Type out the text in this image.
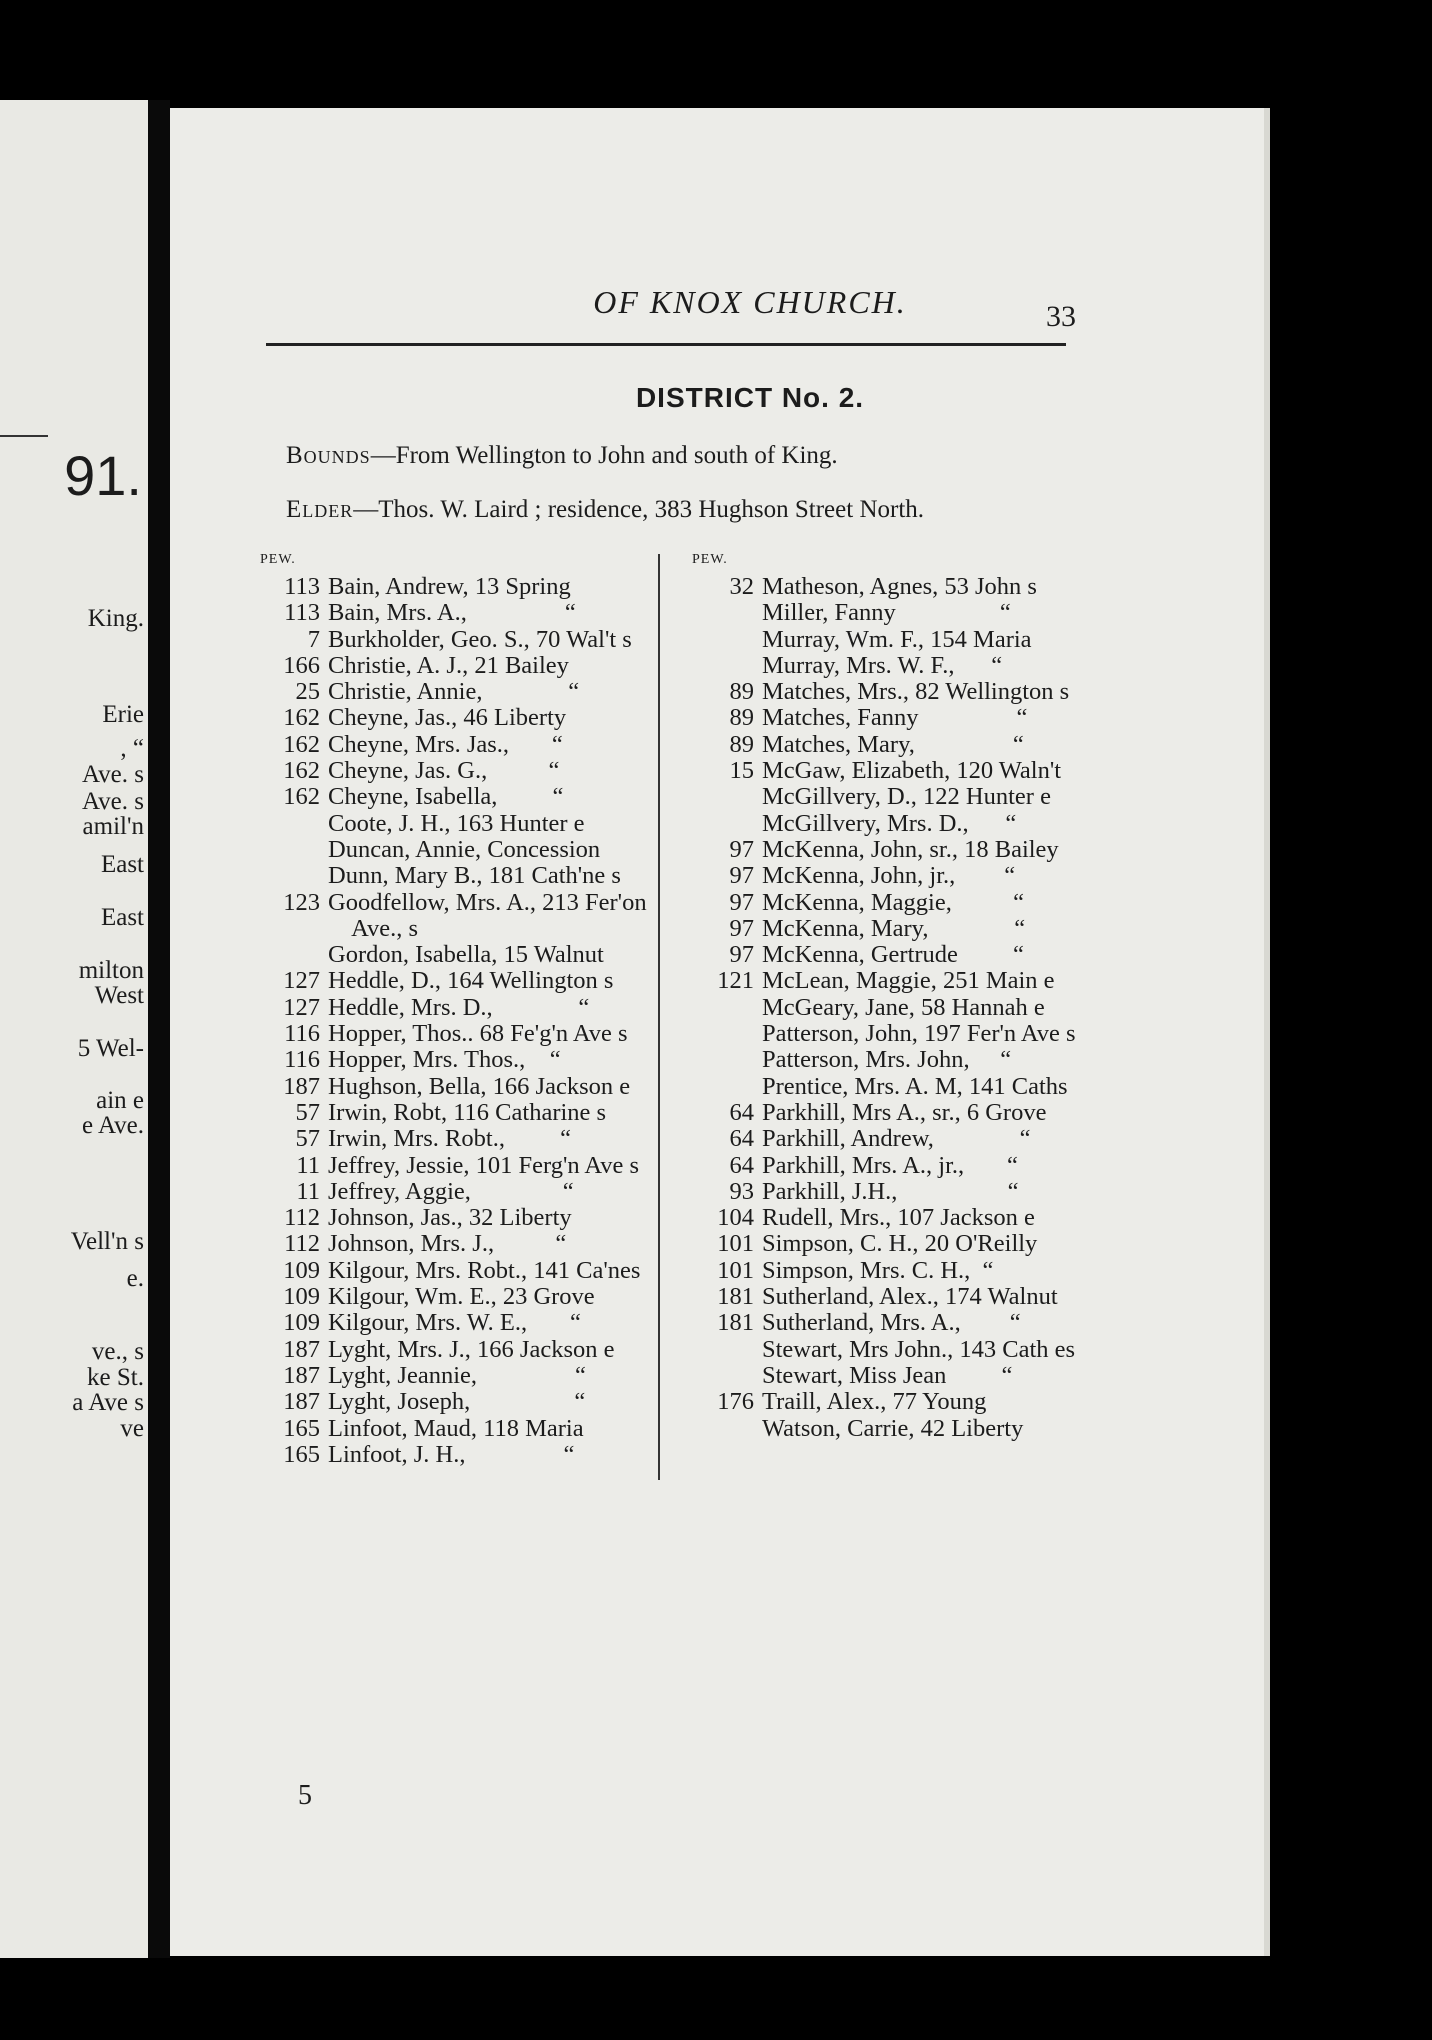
91.
King.
Erie
, “
Ave. s
Ave. s
amil'n
East
East
milton
West
5 Wel-
ain e
e Ave.
Vell'n s
e.
ve., s
ke St.
a Ave s
ve
OF KNOX CHURCH.	33
DISTRICT No. 2.
Bounds—From Wellington to John and south of King.
Elder—Thos. W. Laird ; residence, 383 Hughson Street North.
PEW.
113 Bain, Andrew, 13 Spring
113 Bain, Mrs. A.,                “
7 Burkholder, Geo. S., 70 Wal't s
166 Christie, A. J., 21 Bailey
25 Christie, Annie,              “
162 Cheyne, Jas., 46 Liberty
162 Cheyne, Mrs. Jas.,       “
162 Cheyne, Jas. G.,          “
162 Cheyne, Isabella,         “
Coote, J. H., 163 Hunter e
Duncan, Annie, Concession
Dunn, Mary B., 181 Cath'ne s
123 Goodfellow, Mrs. A., 213 Fer'on
Ave., s
Gordon, Isabella, 15 Walnut
127 Heddle, D., 164 Wellington s
127 Heddle, Mrs. D.,              “
116 Hopper, Thos.. 68 Fe'g'n Ave s
116 Hopper, Mrs. Thos.,    “
187 Hughson, Bella, 166 Jackson e
57 Irwin, Robt, 116 Catharine s
57 Irwin, Mrs. Robt.,         “
11 Jeffrey, Jessie, 101 Ferg'n Ave s
11 Jeffrey, Aggie,               “
112 Johnson, Jas., 32 Liberty
112 Johnson, Mrs. J.,          “
109 Kilgour, Mrs. Robt., 141 Ca'nes
109 Kilgour, Wm. E., 23 Grove
109 Kilgour, Mrs. W. E.,       “
187 Lyght, Mrs. J., 166 Jackson e
187 Lyght, Jeannie,                “
187 Lyght, Joseph,                 “
165 Linfoot, Maud, 118 Maria
165 Linfoot, J. H.,                “
PEW.
32 Matheson, Agnes, 53 John s
Miller, Fanny                 “
Murray, Wm. F., 154 Maria
Murray, Mrs. W. F.,      “
89 Matches, Mrs., 82 Wellington s
89 Matches, Fanny                “
89 Matches, Mary,                “
15 McGaw, Elizabeth, 120 Waln't
McGillvery, D., 122 Hunter e
McGillvery, Mrs. D.,      “
97 McKenna, John, sr., 18 Bailey
97 McKenna, John, jr.,        “
97 McKenna, Maggie,          “
97 McKenna, Mary,              “
97 McKenna, Gertrude         “
121 McLean, Maggie, 251 Main e
McGeary, Jane, 58 Hannah e
Patterson, John, 197 Fer'n Ave s
Patterson, Mrs. John,     “
Prentice, Mrs. A. M, 141 Caths
64 Parkhill, Mrs A., sr., 6 Grove
64 Parkhill, Andrew,              “
64 Parkhill, Mrs. A., jr.,       “
93 Parkhill, J.H.,                  “
104 Rudell, Mrs., 107 Jackson e
101 Simpson, C. H., 20 O'Reilly
101 Simpson, Mrs. C. H.,  “
181 Sutherland, Alex., 174 Walnut
181 Sutherland, Mrs. A.,        “
Stewart, Mrs John., 143 Cath es
Stewart, Miss Jean         “
176 Traill, Alex., 77 Young
Watson, Carrie, 42 Liberty
5
